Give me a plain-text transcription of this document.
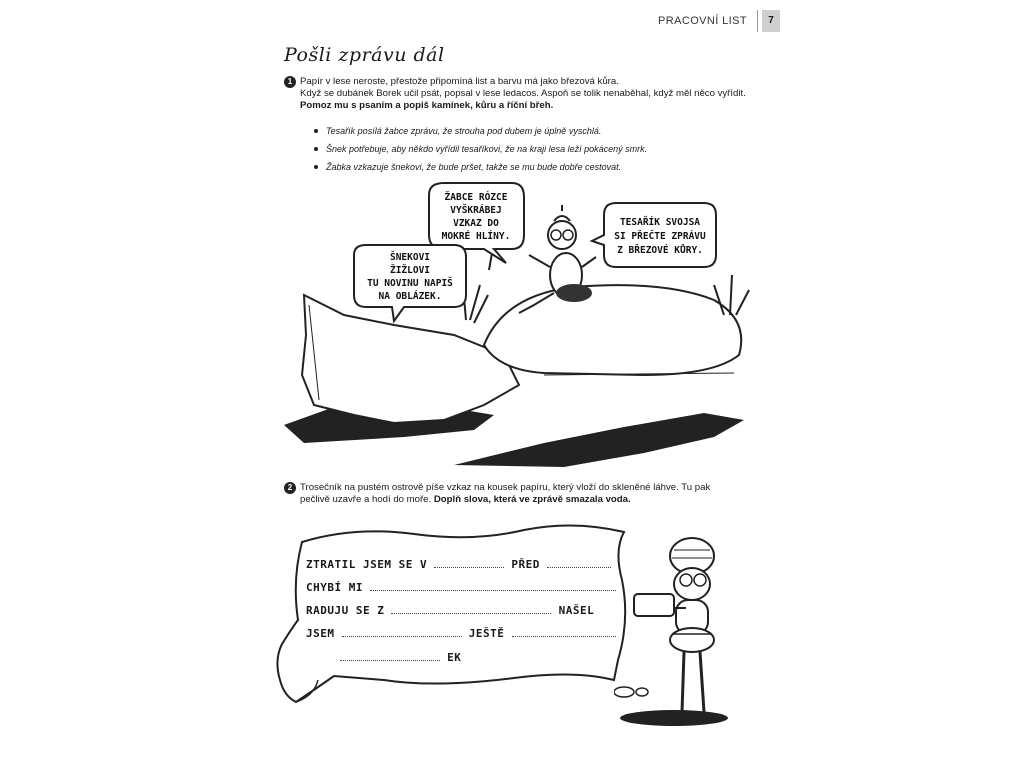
PRACOVNÍ LIST	7
Pošli zprávu dál
1 Papír v lese neroste, přestože připomíná list a barvu má jako březová kůra.
Když se dubánek Borek učil psát, popsal v lese ledacos. Aspoň se tolik nenaběhal, když měl něco vyřídit.
Pomoz mu s psaním a popiš kamínek, kůru a říční břeh.
Tesařík posílá žabce zprávu, že strouha pod dubem je úplně vyschlá.
Šnek potřebuje, aby někdo vyřídil tesaříkovi, že na kraji lesa leží pokácený smrk.
Žabka vzkazuje šnekovi, že bude pršet, takže se mu bude dobře cestovat.
ŽABCE RÓZCE
VYŠKRÁBEJ
VZKAZ DO
MOKRÉ HLÍNY.
ŠNEKOVI
ŽIŽLOVI
TU NOVINU NAPIŠ
NA OBLÁZEK.
TESAŘÍK SVOJSA
SI PŘEČTE ZPRÁVU
Z BŘEZOVÉ KŮRY.
2 Trosečník na pustém ostrově píše vzkaz na kousek papíru, který vloží do skleněné láhve. Tu pak
pečlivě uzavře a hodí do moře. Doplň slova, která ve zprávě smazala voda.
ZTRATIL JSEM SE V	PŘED
CHYBÍ MI
RADUJU SE Z	NAŠEL
JSEM	JEŠTĚ
EK
